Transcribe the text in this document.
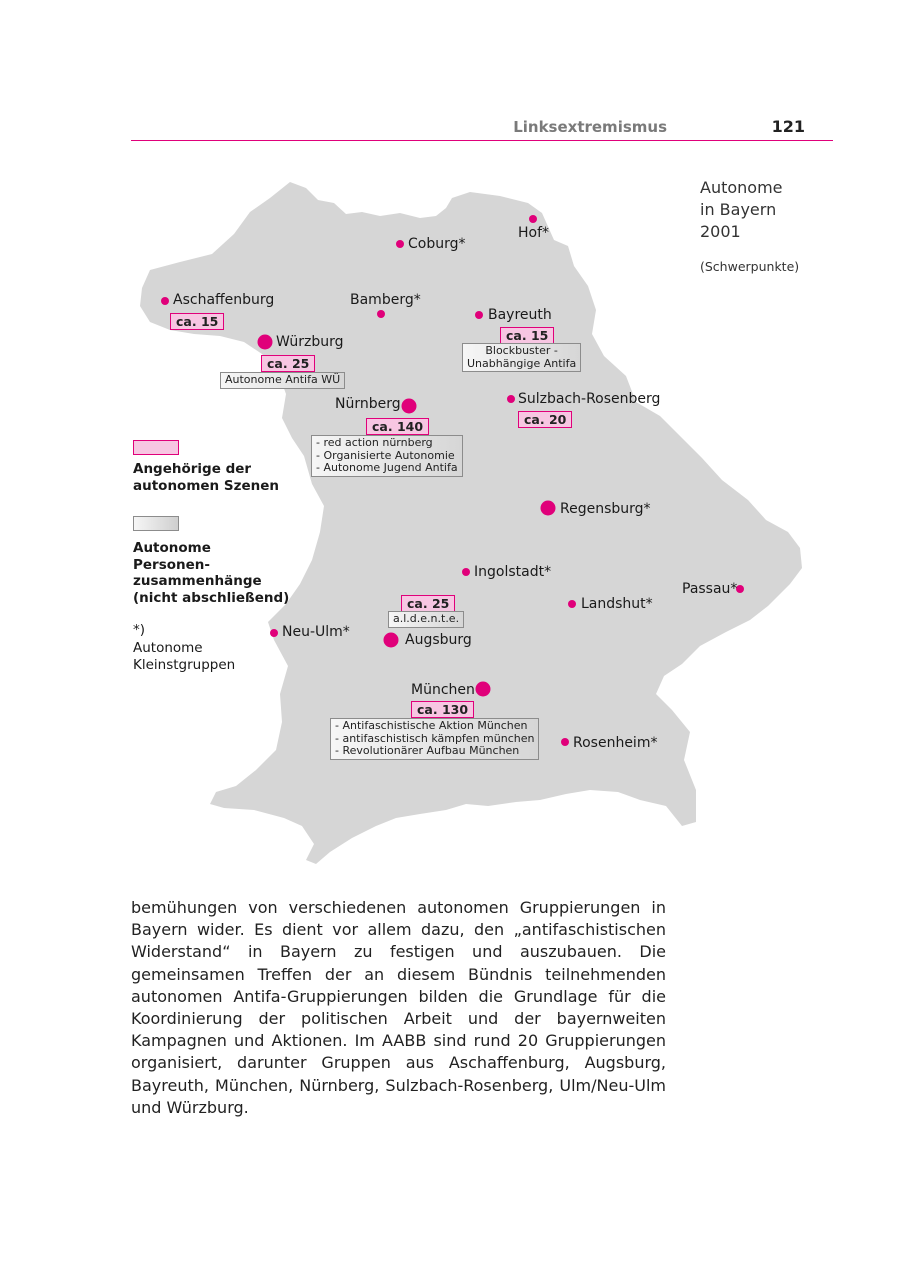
Linksextremismus	121
Autonome
in Bayern
2001
(Schwerpunkte)
Hof*
Coburg*
Aschaffenburg
ca. 15
Bamberg*
Bayreuth
ca. 15
Blockbuster -
Unabhängige Antifa
Würzburg
ca. 25
Autonome Antifa WÜ
Nürnberg
ca. 140
- red action nürnberg
- Organisierte Autonomie
- Autonome Jugend Antifa
Sulzbach-Rosenberg
ca. 20
Regensburg*
Ingolstadt*
Passau*
Landshut*
ca. 25
a.l.d.e.n.t.e.
Augsburg
Neu-Ulm*
München
ca. 130
- Antifaschistische Aktion München
- antifaschistisch kämpfen münchen
- Revolutionärer Aufbau München	Rosenheim*
Angehörige der
autonomen Szenen
Autonome
Personen-
zusammenhänge
(nicht abschließend)
*)
Autonome
Kleinstgruppen
bemühungen von verschiedenen autonomen Gruppierungen in Bayern wider. Es dient vor allem dazu, den „antifaschistischen Widerstand“ in Bayern zu festigen und auszubauen. Die gemeinsamen Treffen der an diesem Bündnis teilnehmenden autonomen Antifa-Gruppierungen bilden die Grundlage für die Koordinierung der politischen Arbeit und der bayernweiten Kampagnen und Aktionen. Im AABB sind rund 20 Gruppierungen organisiert, darunter Gruppen aus Aschaffenburg, Augsburg, Bayreuth, München, Nürnberg, Sulzbach-Rosenberg, Ulm/Neu-Ulm und Würzburg.
